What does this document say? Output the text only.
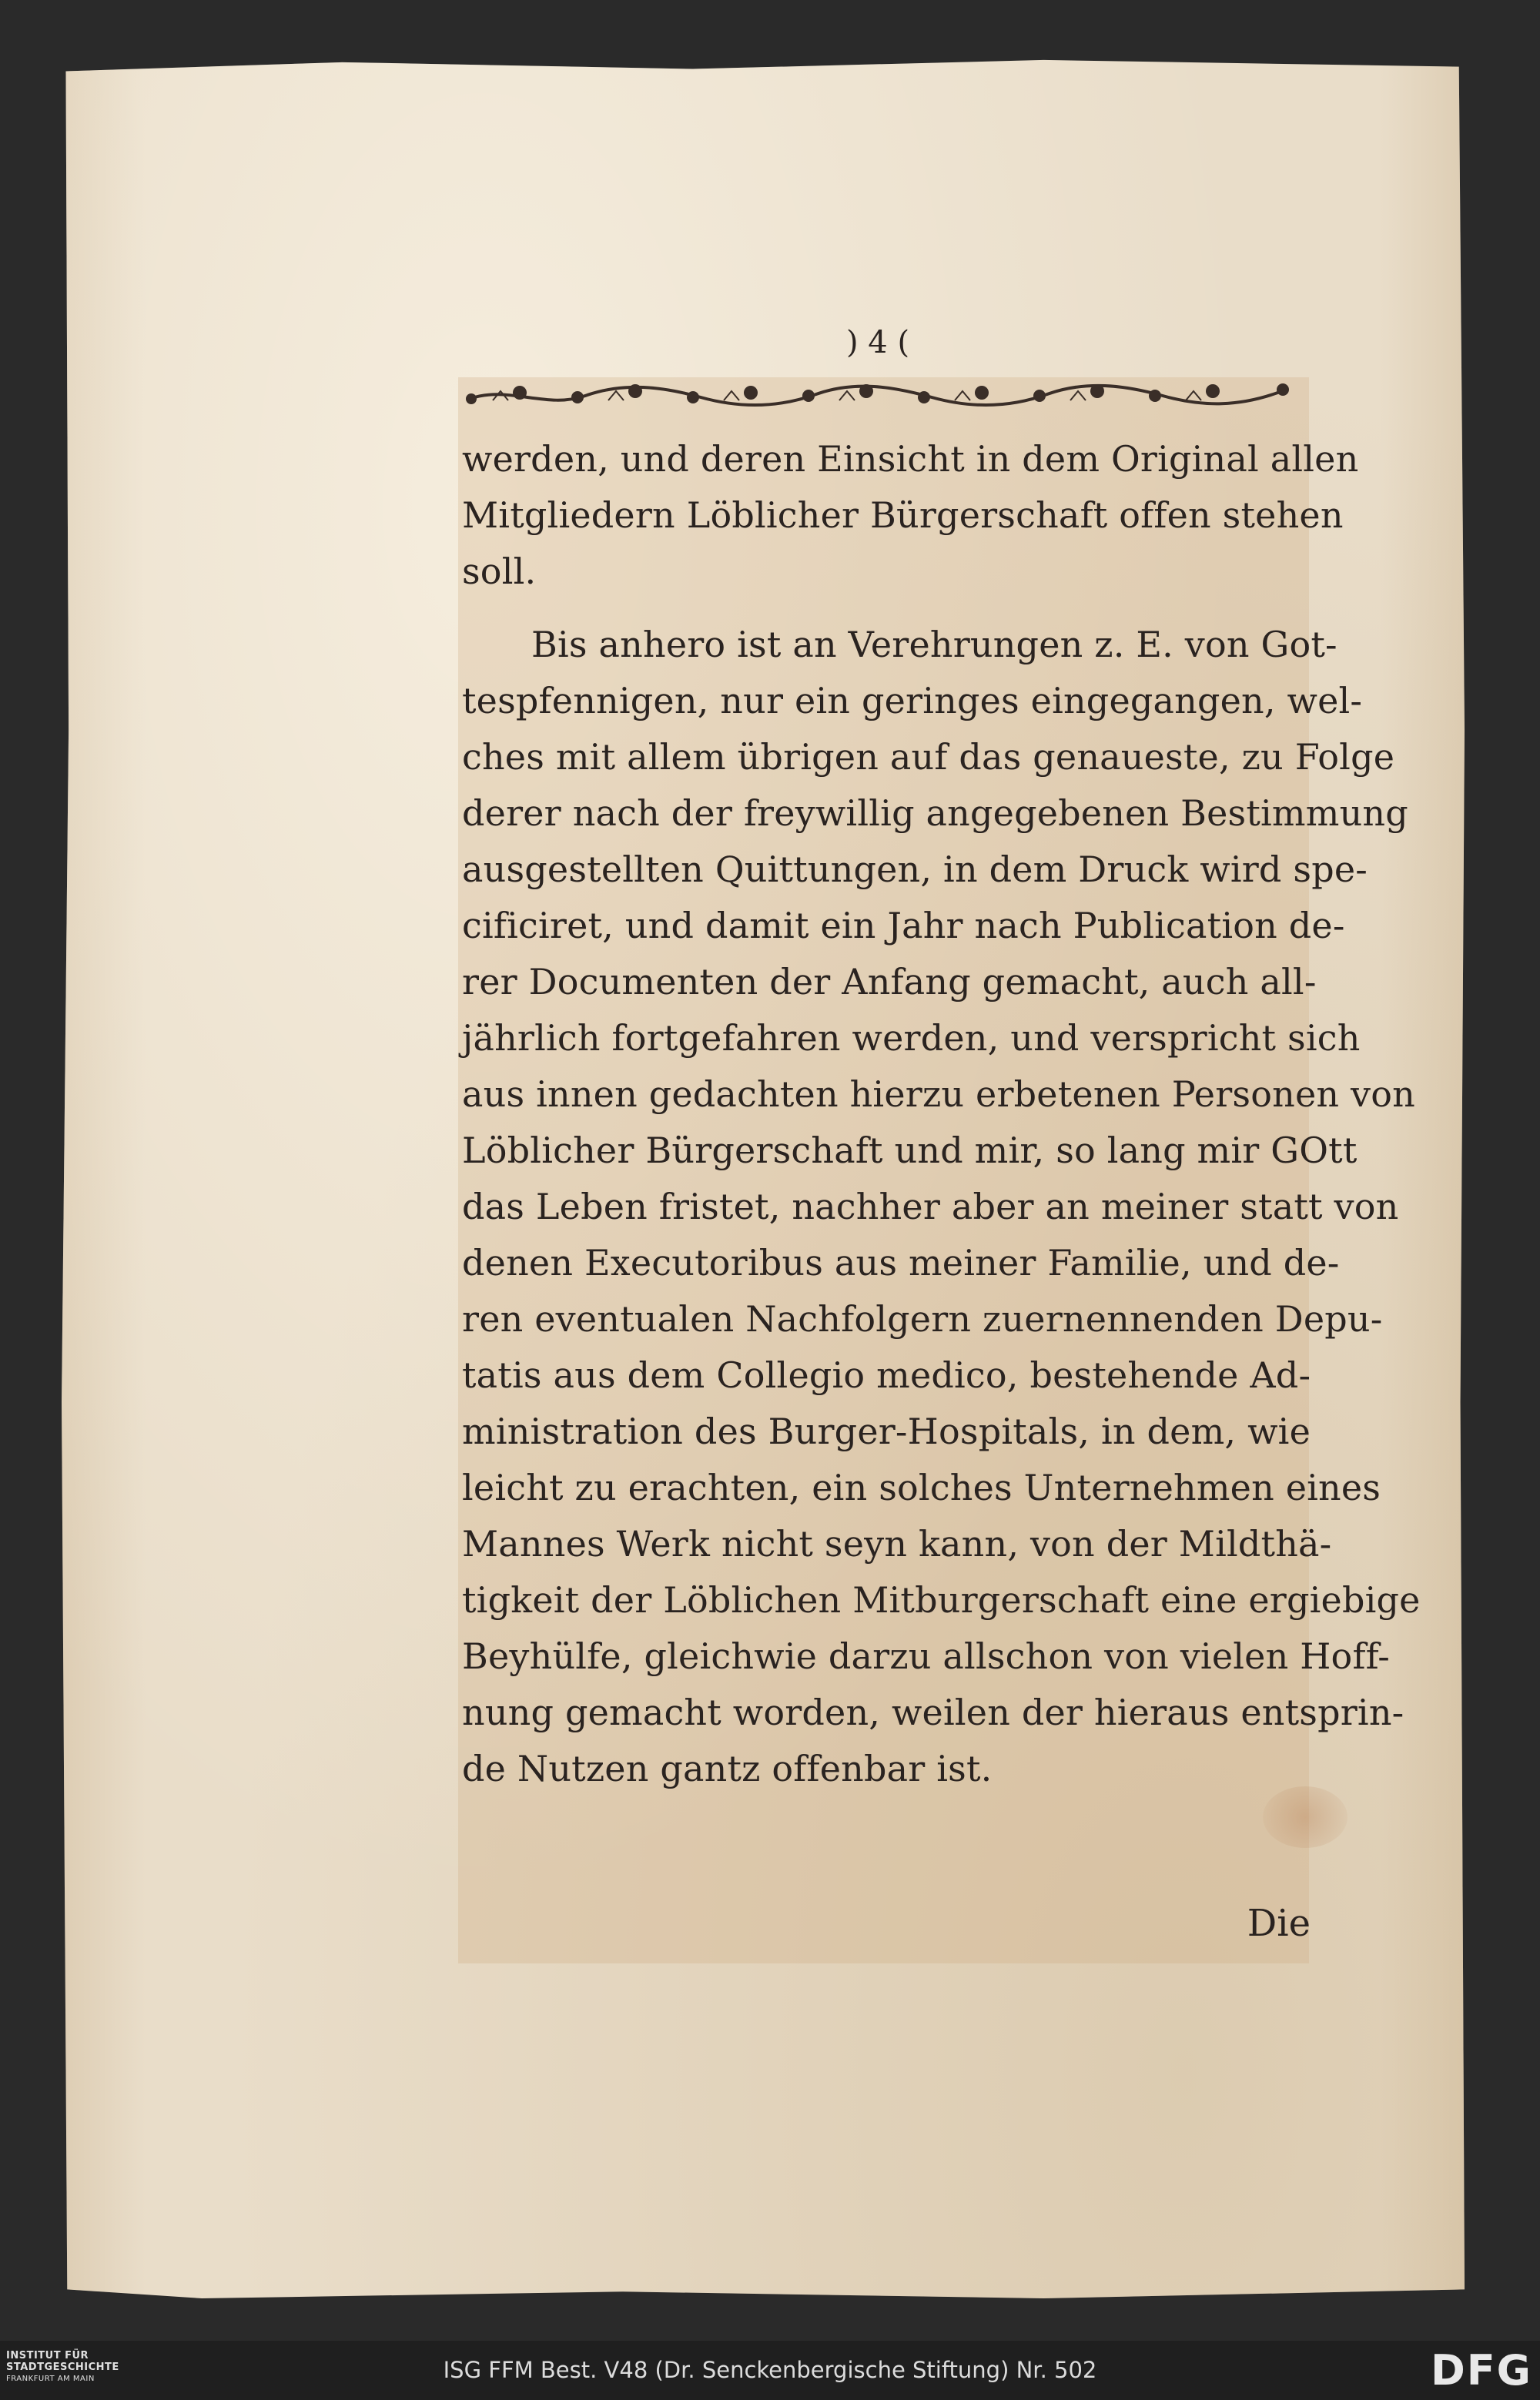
) 4 (

werden, und deren Einsicht in dem Original allen
Mitgliedern Löblicher Bürgerschaft offen stehen
soll.

Bis anhero ist an Verehrungen z. E. von Got-
tespfennigen, nur ein geringes eingegangen, wel-
ches mit allem übrigen auf das genaueste, zu Folge
derer nach der freywillig angegebenen Bestimmung
ausgestellten Quittungen, in dem Druck wird spe-
cificiret, und damit ein Jahr nach Publication de-
rer Documenten der Anfang gemacht, auch all-
jährlich fortgefahren werden, und verspricht sich
aus innen gedachten hierzu erbetenen Personen von
Löblicher Bürgerschaft und mir, so lang mir GOtt
das Leben fristet, nachher aber an meiner statt von
denen Executoribus aus meiner Familie, und de-
ren eventualen Nachfolgern zuernennenden Depu-
tatis aus dem Collegio medico, bestehende Ad-
ministration des Burger-Hospitals, in dem, wie
leicht zu erachten, ein solches Unternehmen eines
Mannes Werk nicht seyn kann, von der Mildthä-
tigkeit der Löblichen Mitburgerschaft eine ergiebige
Beyhülfe, gleichwie darzu allschon von vielen Hoff-
nung gemacht worden, weilen der hieraus entsprin-
de Nutzen gantz offenbar ist.

Die
INSTITUT FÜR
STADTGESCHICHTE
FRANKFURT AM MAIN	ISG FFM Best. V48 (Dr. Senckenbergische Stiftung) Nr. 502	DFG
